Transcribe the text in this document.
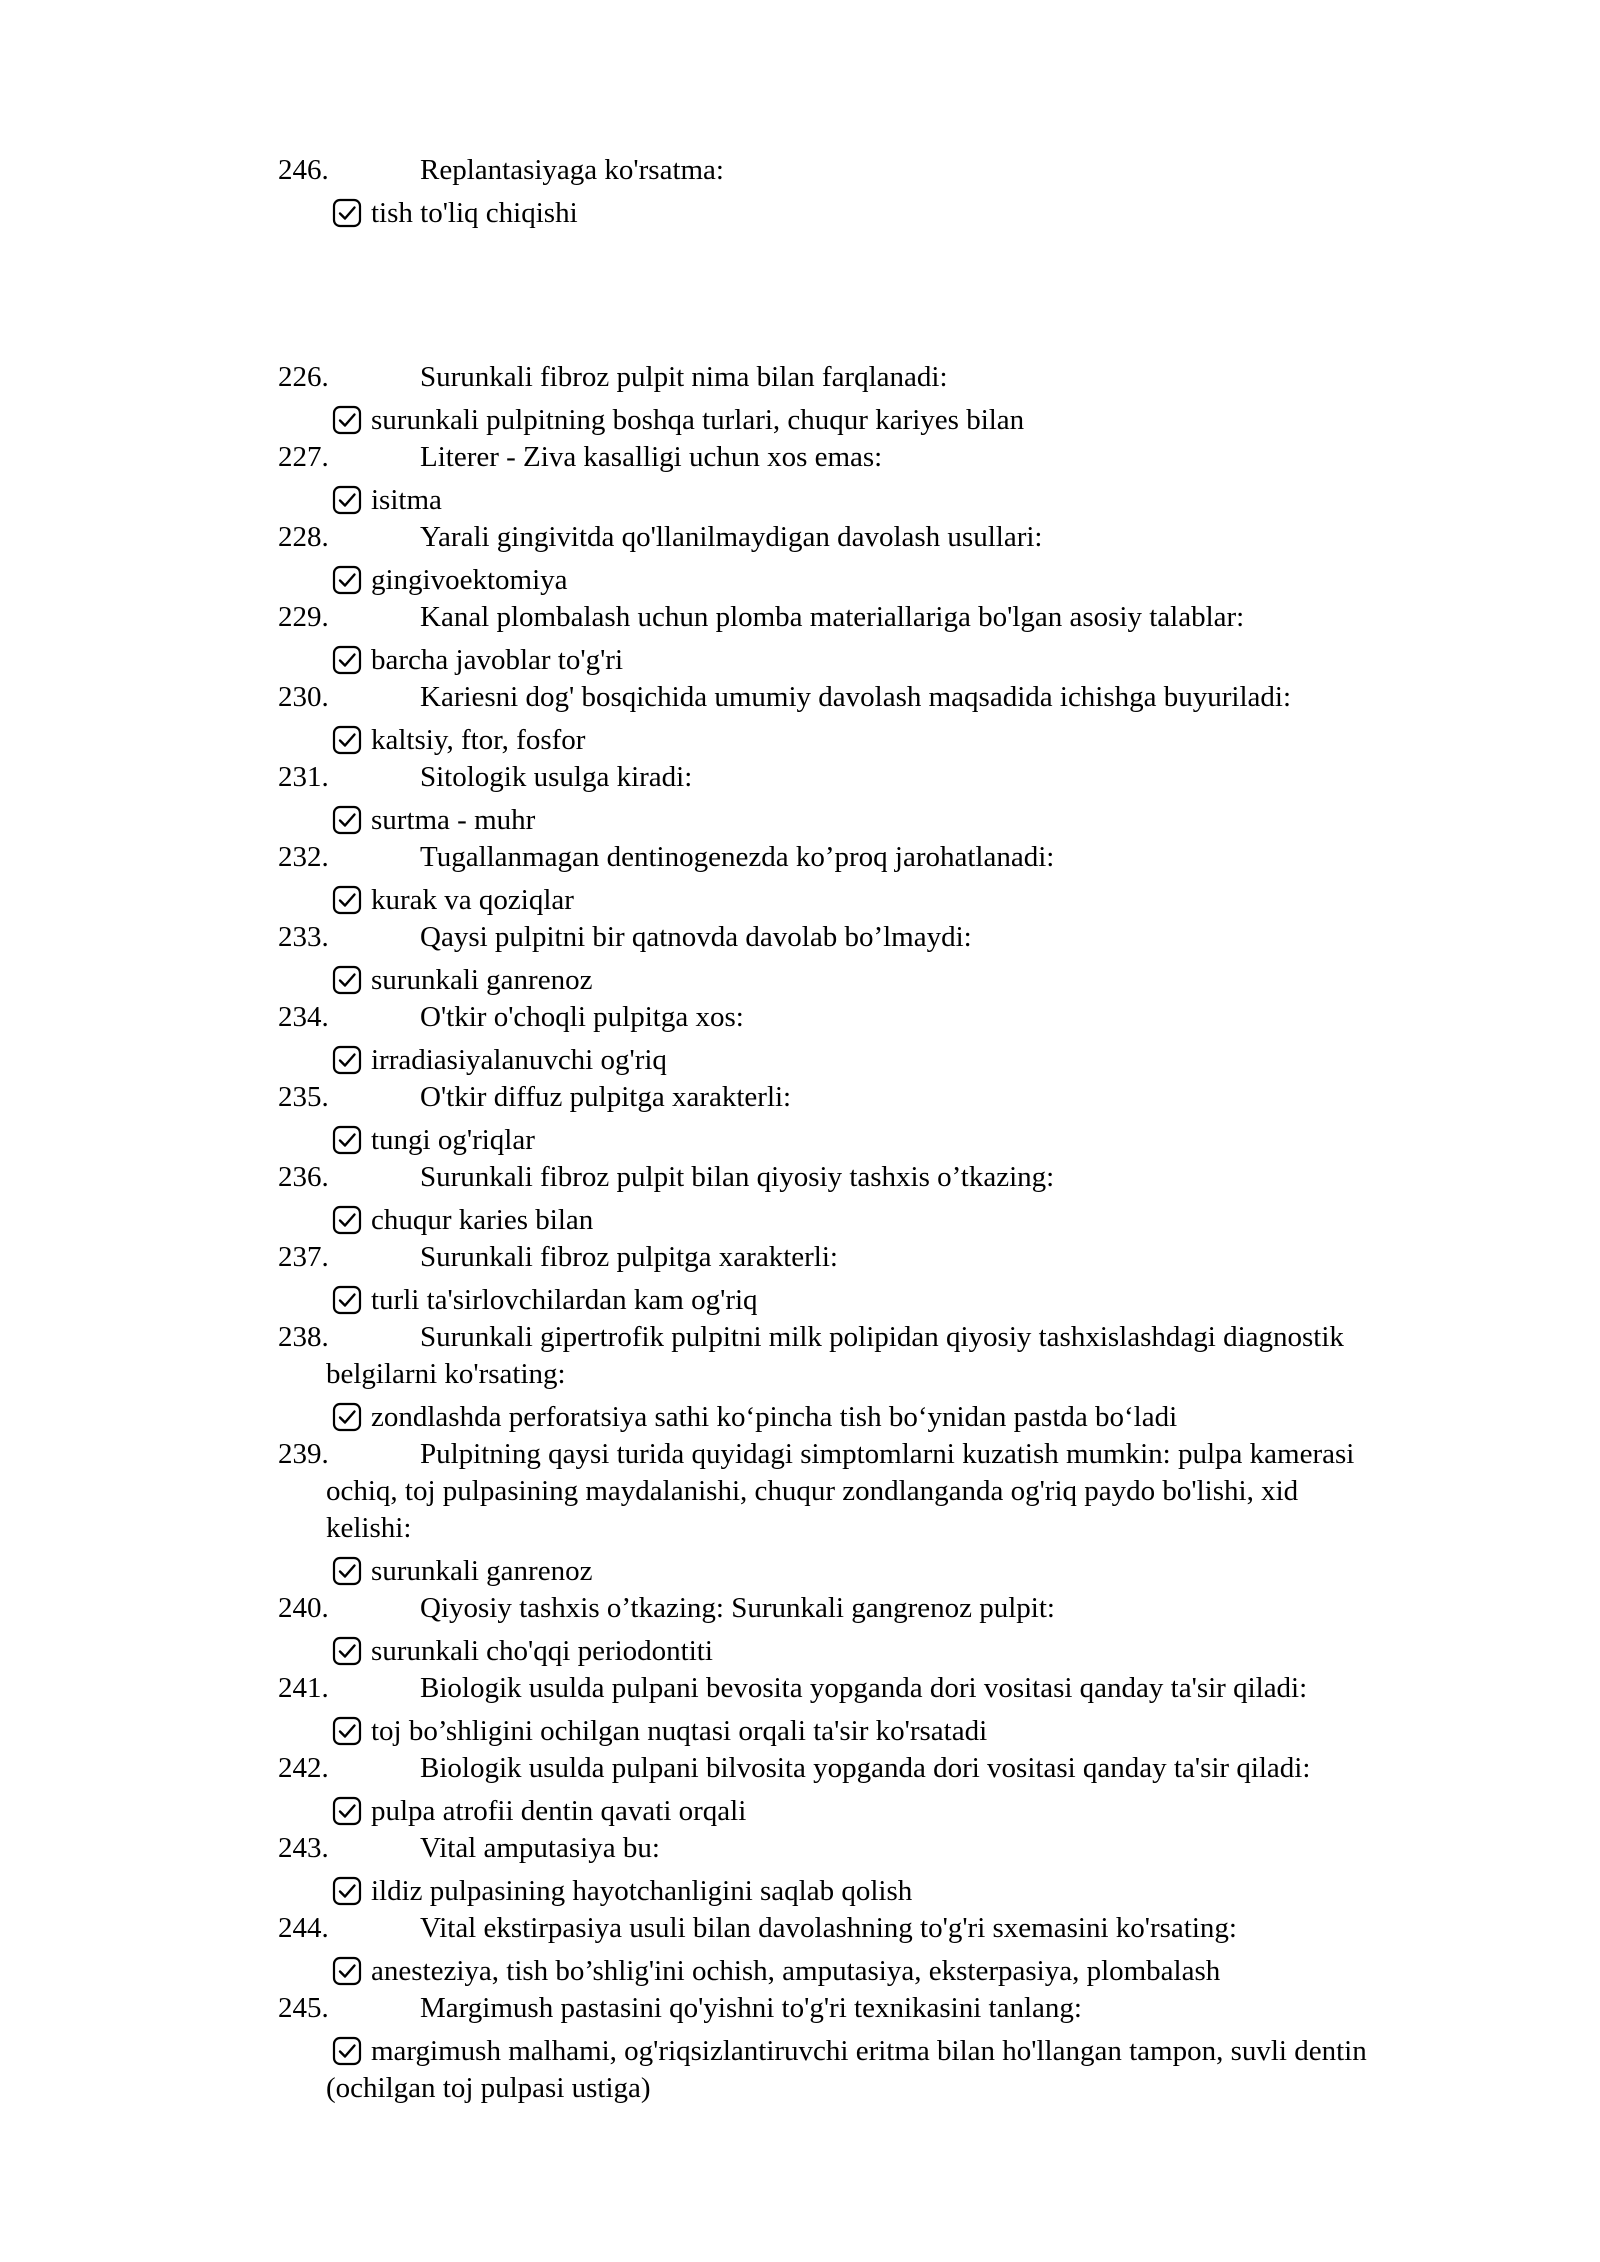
246.	Replantasiyaga ko'rsatma:
tish to'liq chiqishi
226.	Surunkali fibroz pulpit nima bilan farqlanadi:
surunkali pulpitning boshqa turlari, chuqur kariyes bilan
227.	Literer - Ziva kasalligi uchun xos emas:
isitma
228.	Yarali gingivitda qo'llanilmaydigan davolash usullari:
gingivoektomiya
229.	Kanal plombalash uchun plomba materiallariga bo'lgan asosiy talablar:
barcha javoblar to'g'ri
230.	Kariesni dog' bosqichida umumiy davolash maqsadida ichishga buyuriladi:
kaltsiy, ftor, fosfor
231.	Sitologik usulga kiradi:
surtma - muhr
232.	Tugallanmagan dentinogenezda ko’proq jarohatlanadi:
kurak va qoziqlar
233.	Qaysi pulpitni bir qatnovda davolab bo’lmaydi:
surunkali ganrenoz
234.	O'tkir o'choqli pulpitga xos:
irradiasiyalanuvchi og'riq
235.	O'tkir diffuz pulpitga xarakterli:
tungi og'riqlar
236.	Surunkali fibroz pulpit bilan qiyosiy tashxis o’tkazing:
chuqur karies bilan
237.	Surunkali fibroz pulpitga xarakterli:
turli ta'sirlovchilardan kam og'riq
238.	Surunkali gipertrofik pulpitni milk polipidan qiyosiy tashxislashdagi diagnostik
belgilarni ko'rsating:
zondlashda perforatsiya sathi ko‘pincha tish bo‘ynidan pastda bo‘ladi
239.	Pulpitning qaysi turida quyidagi simptomlarni kuzatish mumkin: pulpa kamerasi
ochiq, toj pulpasining maydalanishi, chuqur zondlanganda og'riq paydo bo'lishi, xid
kelishi:
surunkali ganrenoz
240.	Qiyosiy tashxis o’tkazing: Surunkali gangrenoz pulpit:
surunkali cho'qqi periodontiti
241.	Biologik usulda pulpani bevosita yopganda dori vositasi qanday ta'sir qiladi:
toj bo’shligini ochilgan nuqtasi orqali ta'sir ko'rsatadi
242.	Biologik usulda pulpani bilvosita yopganda dori vositasi qanday ta'sir qiladi:
pulpa atrofii dentin qavati orqali
243.	Vital amputasiya bu:
ildiz pulpasining hayotchanligini saqlab qolish
244.	Vital ekstirpasiya usuli bilan davolashning to'g'ri sxemasini ko'rsating:
anesteziya, tish bo’shlig'ini ochish, amputasiya, eksterpasiya, plombalash
245.	Margimush pastasini qo'yishni to'g'ri texnikasini tanlang:
margimush malhami, og'riqsizlantiruvchi eritma bilan ho'llangan tampon, suvli dentin
(ochilgan toj pulpasi ustiga)
